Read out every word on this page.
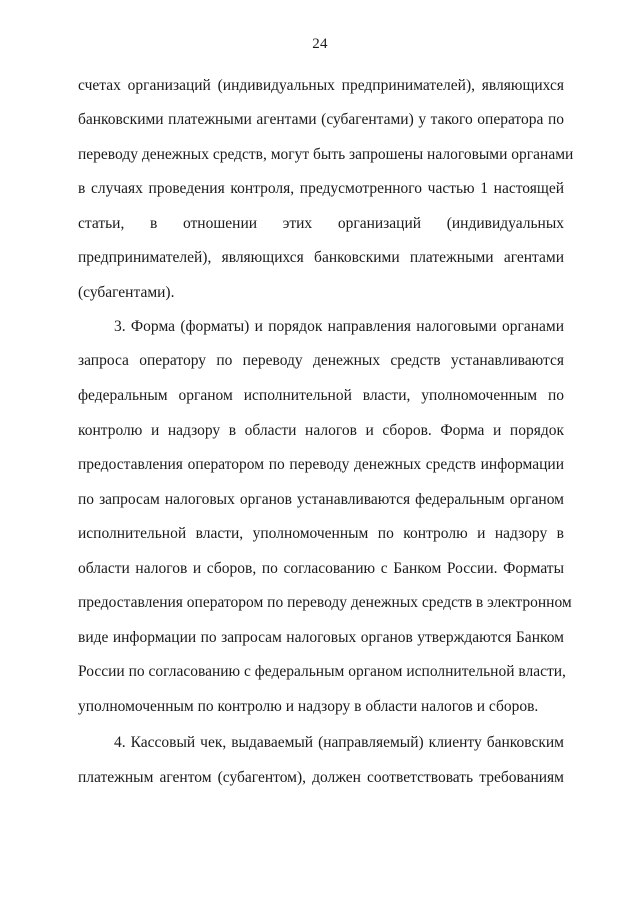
24
счетах организаций (индивидуальных предпринимателей), являющихся
банковскими платежными агентами (субагентами) у такого оператора по
переводу денежных средств, могут быть запрошены налоговыми органами
в случаях проведения контроля, предусмотренного частью 1 настоящей
статьи, в отношении этих организаций (индивидуальных
предпринимателей), являющихся банковскими платежными агентами
(субагентами).
3. Форма (форматы) и порядок направления налоговыми органами
запроса оператору по переводу денежных средств устанавливаются
федеральным органом исполнительной власти, уполномоченным по
контролю и надзору в области налогов и сборов. Форма и порядок
предоставления оператором по переводу денежных средств информации
по запросам налоговых органов устанавливаются федеральным органом
исполнительной власти, уполномоченным по контролю и надзору в
области налогов и сборов, по согласованию с Банком России. Форматы
предоставления оператором по переводу денежных средств в электронном
виде информации по запросам налоговых органов утверждаются Банком
России по согласованию с федеральным органом исполнительной власти,
уполномоченным по контролю и надзору в области налогов и сборов.
4. Кассовый чек, выдаваемый (направляемый) клиенту банковским
платежным агентом (субагентом), должен соответствовать требованиям
